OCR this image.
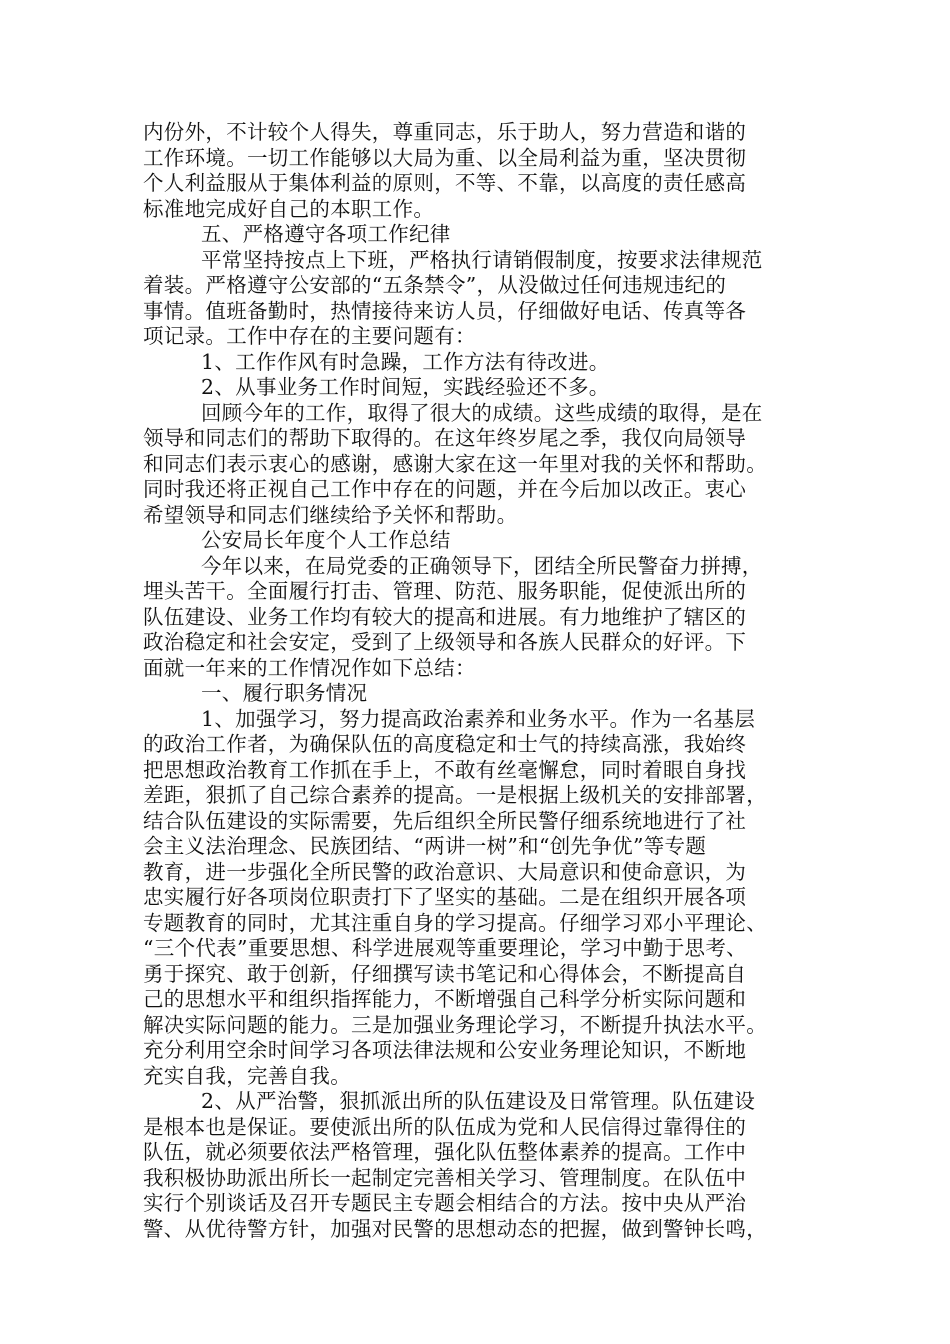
内份外，不计较个人得失，尊重同志，乐于助人，努力营造和谐的
工作环境。一切工作能够以大局为重、以全局利益为重，坚决贯彻
个人利益服从于集体利益的原则，不等、不靠，以高度的责任感高
标准地完成好自己的本职工作。
五、严格遵守各项工作纪律
平常坚持按点上下班，严格执行请销假制度，按要求法律规范
着装。严格遵守公安部的“五条禁令”，从没做过任何违规违纪的
事情。值班备勤时，热情接待来访人员，仔细做好电话、传真等各
项记录。工作中存在的主要问题有：
1、工作作风有时急躁，工作方法有待改进。
2、从事业务工作时间短，实践经验还不多。
回顾今年的工作，取得了很大的成绩。这些成绩的取得，是在
领导和同志们的帮助下取得的。在这年终岁尾之季，我仅向局领导
和同志们表示衷心的感谢，感谢大家在这一年里对我的关怀和帮助。
同时我还将正视自己工作中存在的问题，并在今后加以改正。衷心
希望领导和同志们继续给予关怀和帮助。
公安局长年度个人工作总结
今年以来，在局党委的正确领导下，团结全所民警奋力拼搏，
埋头苦干。全面履行打击、管理、防范、服务职能，促使派出所的
队伍建设、业务工作均有较大的提高和进展。有力地维护了辖区的
政治稳定和社会安定，受到了上级领导和各族人民群众的好评。下
面就一年来的工作情况作如下总结：
一、履行职务情况
1、加强学习，努力提高政治素养和业务水平。作为一名基层
的政治工作者，为确保队伍的高度稳定和士气的持续高涨，我始终
把思想政治教育工作抓在手上，不敢有丝毫懈怠，同时着眼自身找
差距，狠抓了自己综合素养的提高。一是根据上级机关的安排部署，
结合队伍建设的实际需要，先后组织全所民警仔细系统地进行了社
会主义法治理念、民族团结、“两讲一树”和“创先争优”等专题
教育，进一步强化全所民警的政治意识、大局意识和使命意识，为
忠实履行好各项岗位职责打下了坚实的基础。二是在组织开展各项
专题教育的同时，尤其注重自身的学习提高。仔细学习邓小平理论、
“三个代表”重要思想、科学进展观等重要理论，学习中勤于思考、
勇于探究、敢于创新，仔细撰写读书笔记和心得体会，不断提高自
己的思想水平和组织指挥能力，不断增强自己科学分析实际问题和
解决实际问题的能力。三是加强业务理论学习，不断提升执法水平。
充分利用空余时间学习各项法律法规和公安业务理论知识，不断地
充实自我，完善自我。
2、从严治警，狠抓派出所的队伍建设及日常管理。队伍建设
是根本也是保证。要使派出所的队伍成为党和人民信得过靠得住的
队伍，就必须要依法严格管理，强化队伍整体素养的提高。工作中
我积极协助派出所长一起制定完善相关学习、管理制度。在队伍中
实行个别谈话及召开专题民主专题会相结合的方法。按中央从严治
警、从优待警方针，加强对民警的思想动态的把握，做到警钟长鸣，
